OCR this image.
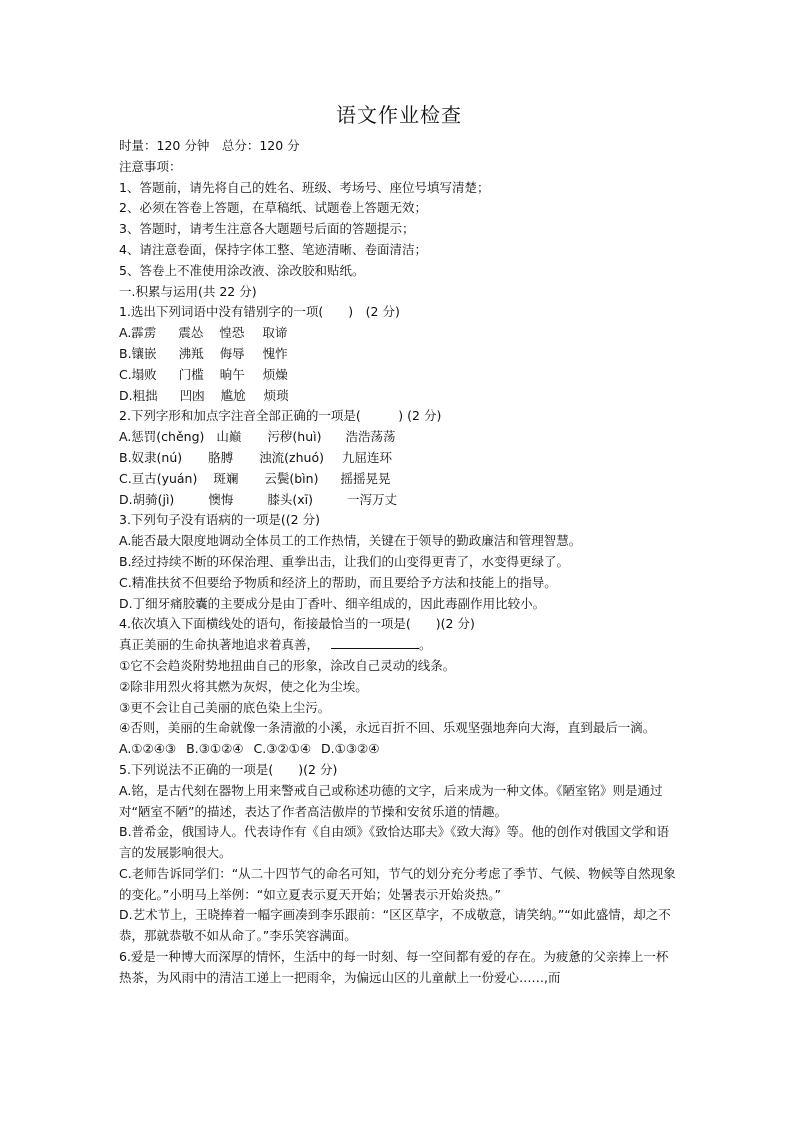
语文作业检查
时量：120 分钟　总分：120 分
注意事项：
1、答题前，请先将自己的姓名、班级、考场号、座位号填写清楚；
2、必须在答卷上答题，在草稿纸、试题卷上答题无效；
3、答题时，请考生注意各大题题号后面的答题提示；
4、请注意卷面，保持字体工整、笔迹清晰、卷面清洁；
5、答卷上不准使用涂改液、涂改胶和贴纸。
一.积累与运用(共 22 分)
1.选出下列词语中没有错别字的一项(　　)　(2 分)
A.霹雳 震怂 惶恐 取谛
B.镶嵌 沸羝 侮辱 愧怍
C.塌败 门槛 晌午 烦燥
D.粗拙 凹凼 尴尬 烦琐
2.下列字形和加点字注音全部正确的一项是(　　　) (2 分)
A.惩罚(chěng) 山巅 污秽(huì) 浩浩荡荡
B.奴隶(nú) 胳膊 浊流(zhuó) 九屈连环
C.亘古(yuán) 斑斓 云鬓(bìn) 摇摇晃晃
D.胡骑(jì)	懊悔	膝头(xī)	一泻万丈
3.下列句子没有语病的一项是((2 分)
A.能否最大限度地调动全体员工的工作热情，关键在于领导的勤政廉洁和管理智慧。
B.经过持续不断的环保治理、重拳出击，让我们的山变得更青了，水变得更绿了。
C.精准扶贫不但要给予物质和经济上的帮助，而且要给予方法和技能上的指导。
D.丁细牙痛胶囊的主要成分是由丁香叶、细辛组成的，因此毒副作用比较小。
4.依次填入下面横线处的语句，衔接最恰当的一项是(　　)(2 分)
真正美丽的生命执著地追求着真善，	。
①它不会趋炎附势地扭曲自己的形象，涂改自己灵动的线条。
②除非用烈火将其燃为灰烬，使之化为尘埃。
③更不会让自己美丽的底色染上尘污。
④否则，美丽的生命就像一条清澈的小溪，永远百折不回、乐观坚强地奔向大海，直到最后一滴。
A.①②④③ B.③①②④ C.③②①④ D.①③②④
5.下列说法不正确的一项是(　　)(2 分)
A.铭，是古代刻在器物上用来警戒自己或称述功德的文字，后来成为一种文体。《陋室铭》则是通过对“陋室不陋”的描述，表达了作者高洁傲岸的节操和安贫乐道的情趣。
B.普希金，俄国诗人。代表诗作有《自由颂》《致恰达耶夫》《致大海》等。他的创作对俄国文学和语言的发展影响很大。
C.老师告诉同学们：“从二十四节气的命名可知，节气的划分充分考虑了季节、气候、物候等自然现象的变化。”小明马上举例：“如立夏表示夏天开始；处暑表示开始炎热。”
D.艺术节上，王晓捧着一幅字画凑到李乐跟前：“区区草字，不成敬意，请笑纳。”“如此盛情，却之不恭，那就恭敬不如从命了。”李乐笑容满面。
6.爱是一种博大而深厚的情怀，生活中的每一时刻、每一空间都有爱的存在。为疲惫的父亲捧上一杯热茶，为风雨中的清洁工递上一把雨伞，为偏远山区的儿童献上一份爱心……,而
